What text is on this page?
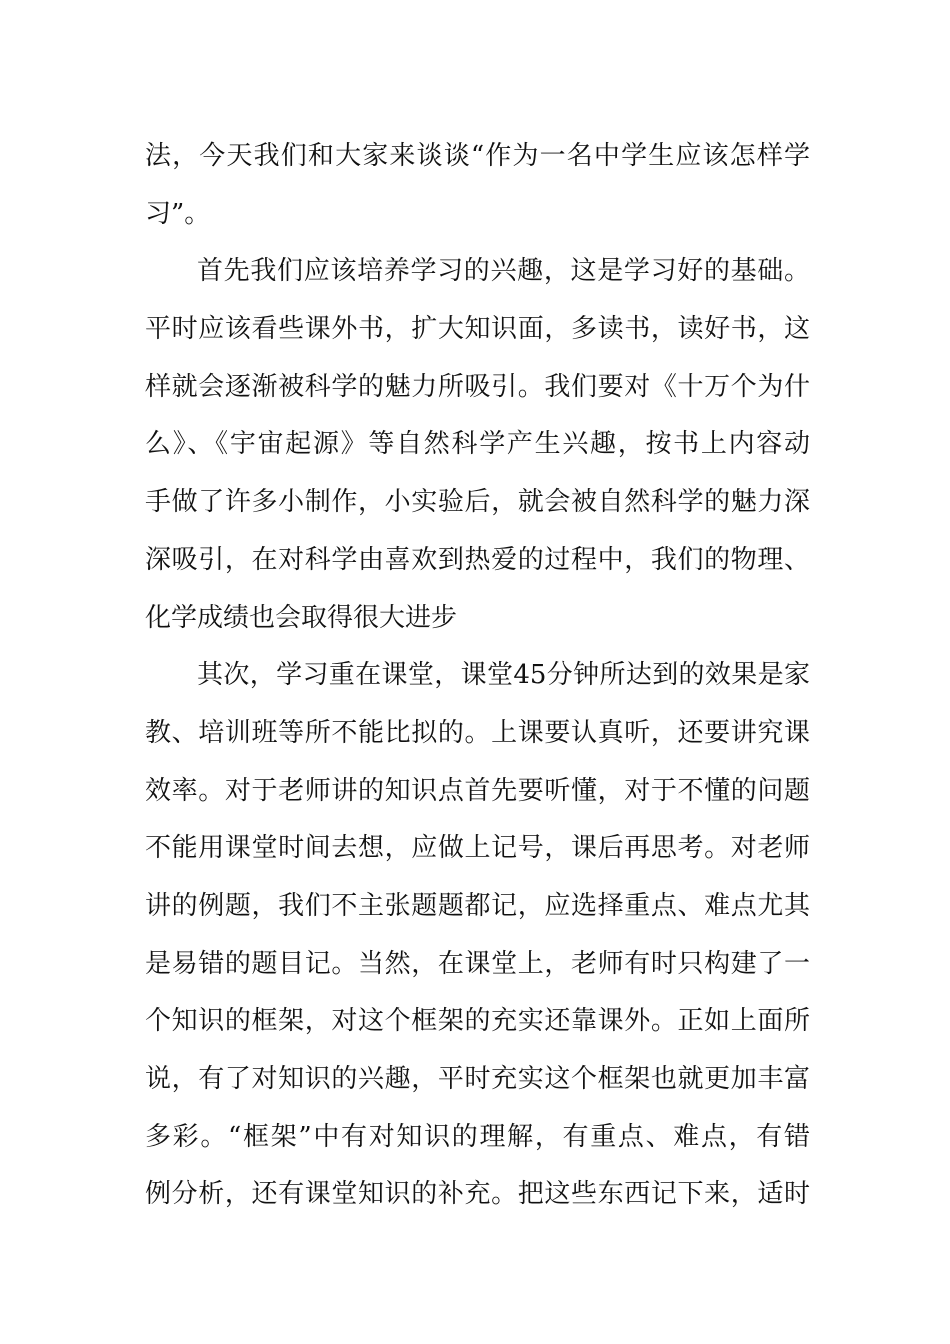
法，今天我们和大家来谈谈“作为一名中学生应该怎样学
习”。
首先我们应该培养学习的兴趣，这是学习好的基础。
平时应该看些课外书，扩大知识面，多读书，读好书，这
样就会逐渐被科学的魅力所吸引。我们要对《十万个为什
么》、《宇宙起源》等自然科学产生兴趣，按书上内容动
手做了许多小制作，小实验后，就会被自然科学的魅力深
深吸引，在对科学由喜欢到热爱的过程中，我们的物理、
化学成绩也会取得很大进步
其次，学习重在课堂，课堂45分钟所达到的效果是家
教、培训班等所不能比拟的。上课要认真听，还要讲究课
效率。对于老师讲的知识点首先要听懂，对于不懂的问题
不能用课堂时间去想，应做上记号，课后再思考。对老师
讲的例题，我们不主张题题都记，应选择重点、难点尤其
是易错的题目记。当然，在课堂上，老师有时只构建了一
个知识的框架，对这个框架的充实还靠课外。正如上面所
说，有了对知识的兴趣，平时充实这个框架也就更加丰富
多彩。“框架”中有对知识的理解，有重点、难点，有错
例分析，还有课堂知识的补充。把这些东西记下来，适时
